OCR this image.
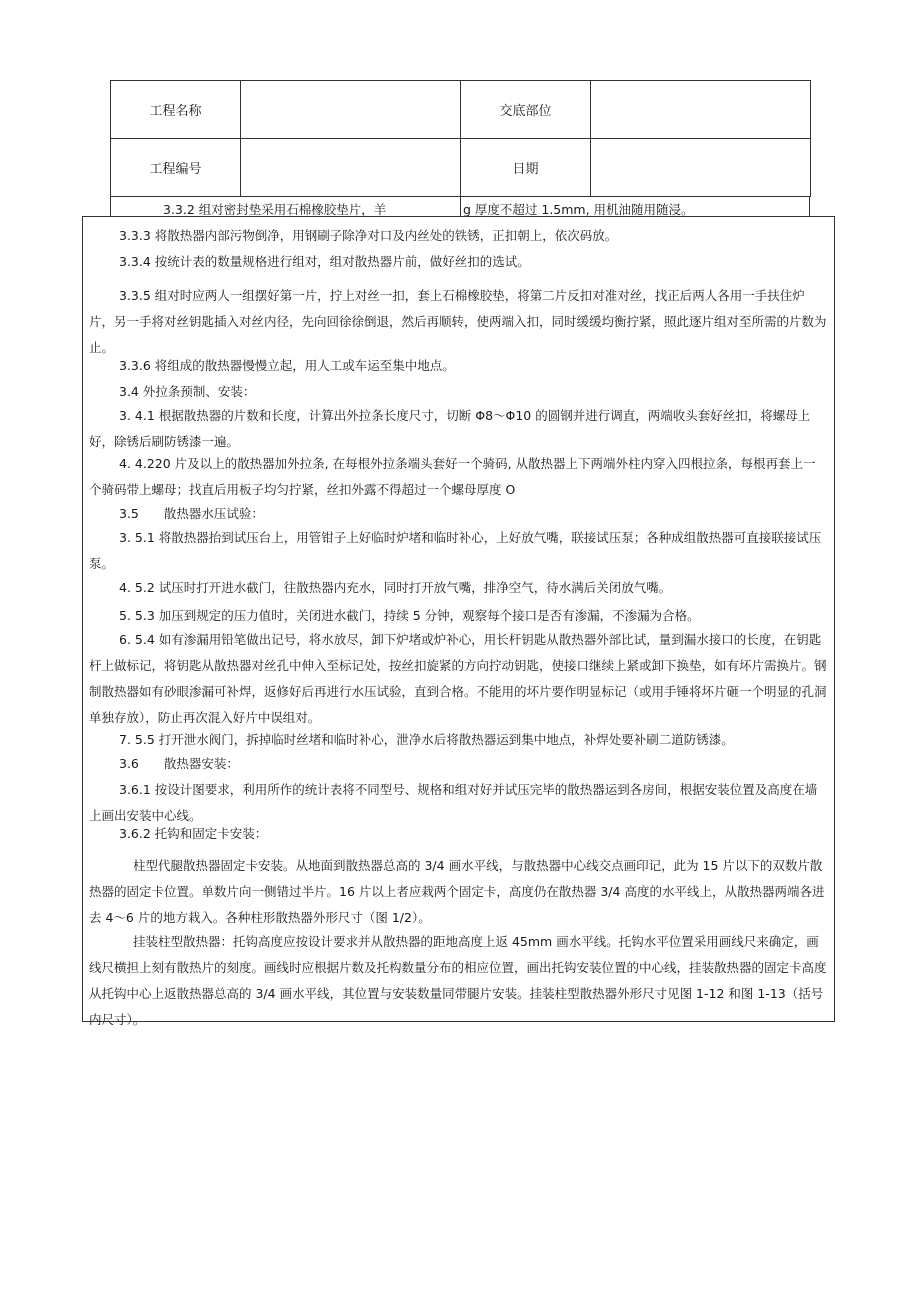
工程名称		交底部位	
工程编号		日期	
3.3.2 组对密封垫采用石棉橡胶垫片，羊	g 厚度不超过 1.5mm, 用机油随用随浸。
3.3.3 将散热器内部污物倒净，用钢刷子除净对口及内丝处的铁锈，正扣朝上，依次码放。
3.3.4 按统计表的数量规格进行组对，组对散热器片前，做好丝扣的选试。
3.3.5 组对时应两人一组摆好第一片，拧上对丝一扣，套上石棉橡胶垫，将第二片反扣对准对丝，找正后两人各用一手扶住炉片，另一手将对丝钥匙插入对丝内径，先向回徐徐倒退，然后再顺转，使两端入扣，同时缓缓均衡拧紧，照此逐片组对至所需的片数为止。
3.3.6 将组成的散热器慢慢立起，用人工或车运至集中地点。
3.4 外拉条预制、安装：
3. 4.1 根据散热器的片数和长度，计算出外拉条长度尺寸，切断 Φ8～Φ10 的圆钢并进行调直，两端收头套好丝扣，将螺母上好，除锈后刷防锈漆一遍。
4. 4.220 片及以上的散热器加外拉条, 在每根外拉条端头套好一个骑码, 从散热器上下两端外柱内穿入四根拉条，每根再套上一个骑码带上螺母；找直后用板子均匀拧紧，丝扣外露不得超过一个螺母厚度 O
3.5　　散热器水压试验：
3. 5.1 将散热器抬到试压台上，用管钳子上好临时炉堵和临时补心，上好放气嘴，联接试压泵；各种成组散热器可直接联接试压泵。
4. 5.2 试压时打开进水截门，往散热器内充水，同时打开放气嘴，排净空气，待水满后关闭放气嘴。
5. 5.3 加压到规定的压力值时，关闭进水截门，持续 5 分钟，观察每个接口是否有渗漏，不渗漏为合格。
6. 5.4 如有渗漏用铅笔做出记号，将水放尽，卸下炉堵或炉补心，用长杆钥匙从散热器外部比试，量到漏水接口的长度，在钥匙杆上做标记，将钥匙从散热器对丝孔中伸入至标记处，按丝扣旋紧的方向拧动钥匙，使接口继续上紧或卸下换垫，如有坏片需换片。钢制散热器如有砂眼渗漏可补焊，返修好后再进行水压试验，直到合格。不能用的坏片要作明显标记（或用手锤将坏片砸一个明显的孔洞单独存放），防止再次混入好片中误组对。
7. 5.5 打开泄水阀门，拆掉临时丝堵和临时补心，泄净水后将散热器运到集中地点，补焊处要补刷二道防锈漆。
3.6　　散热器安装：
3.6.1 按设计图要求，利用所作的统计表将不同型号、规格和组对好并试压完毕的散热器运到各房间，根据安装位置及高度在墙上画出安装中心线。
3.6.2 托钩和固定卡安装：
柱型代腿散热器固定卡安装。从地面到散热器总高的 3/4 画水平线，与散热器中心线交点画印记，此为 15 片以下的双数片散热器的固定卡位置。单数片向一侧错过半片。16 片以上者应栽两个固定卡，高度仍在散热器 3/4 高度的水平线上，从散热器两端各进去 4～6 片的地方栽入。各种柱形散热器外形尺寸（图 1/2）。
挂装柱型散热器：托钩高度应按设计要求并从散热器的距地高度上返 45mm 画水平线。托钩水平位置采用画线尺来确定，画线尺横担上刻有散热片的刻度。画线时应根据片数及托构数量分布的相应位置，画出托钩安装位置的中心线，挂装散热器的固定卡高度从托钩中心上返散热器总高的 3/4 画水平线，其位置与安装数量同带腿片安装。挂装柱型散热器外形尺寸见图 1-12 和图 1-13（括号内尺寸）。
